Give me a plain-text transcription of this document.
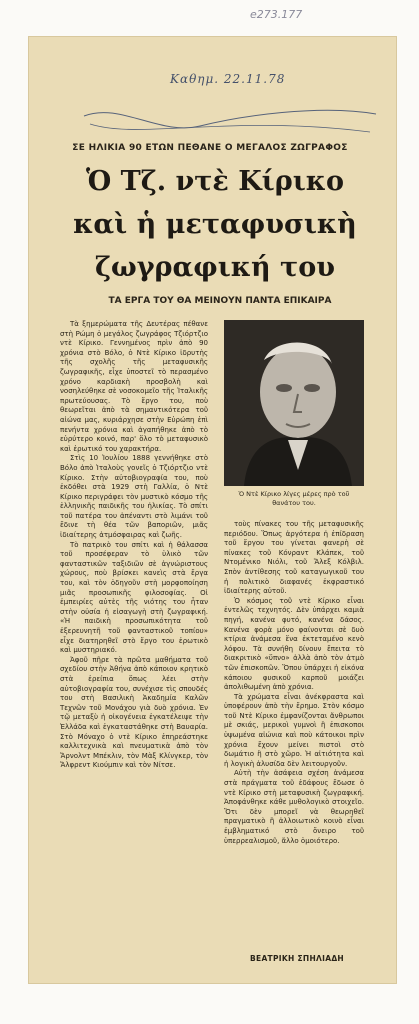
e273.177
Καθημ. 22.11.78
ΣΕ ΗΛΙΚΙΑ 90 ΕΤΩΝ ΠΕΘΑΝΕ Ο ΜΕΓΑΛΟΣ ΖΩΓΡΑΦΟΣ
Ὁ Τζ. ντὲ Κίρικο
καὶ ἡ μεταφυσικὴ
ζωγραφική του
ΤΑ ΕΡΓΑ ΤΟΥ ΘΑ ΜΕΙΝΟΥΝ ΠΑΝΤΑ ΕΠΙΚΑΙΡΑ

Τὰ ξημερώματα τῆς Δευτέρας πέθανε στὴ Ρώμη ὁ μεγάλος ζωγράφος Τζιόρτζιο ντὲ Κίρικο. Γεννημένος πρὶν ἀπὸ 90 χρόνια στὸ Βόλο, ὁ Ντὲ Κίρικο ἱδρυτὴς τῆς σχολῆς τῆς μεταφυσικῆς ζωγραφικῆς, εἶχε ὑποστεῖ τὸ περασμένο χρόνο καρδιακὴ προσβολὴ καὶ νοσηλεύθηκε σὲ νοσοκομεῖο τῆς Ἰταλικῆς πρωτεύουσας. Τὸ ἔργο του, ποὺ θεωρεῖται ἀπὸ τὰ σημαντικότερα τοῦ αἰώνα μας, κυριάρχησε στὴν Εὐρώπη ἐπὶ πενήντα χρόνια καὶ ἀγαπήθηκε ἀπὸ τὸ εὐρύτερο κοινό, παρ' ὅλο τὸ μεταφυσικὸ καὶ ἐρωτικό του χαρακτήρα.

Στὶς 10 Ἰουλίου 1888 γεννήθηκε στὸ Βόλο ἀπὸ Ἰταλοὺς γονεῖς ὁ Τζιόρτζιο ντὲ Κίρικο. Στὴν αὐτοβιογραφία του, ποὺ ἐκδόθει στὰ 1929 στὴ Γαλλία, ὁ Ντὲ Κίρικο περιγράφει τὸν μυστικὸ κόσμο τῆς ἑλληνικῆς παιδικῆς του ἡλικίας. Τὸ σπίτι τοῦ πατέρα του ἀπέναντι στὸ λιμάνι τοῦ ἔδινε τὴ θέα τῶν βαποριῶν, μιᾶς ἰδιαίτερης ἀτμόσφαιρας καὶ ζωῆς.

Τὸ πατρικὸ του σπίτι καὶ ἡ θάλασσα τοῦ προσέφεραν τὸ ὑλικὸ τῶν φανταστικῶν ταξιδιῶν σὲ ἀγνώριστους χώρους, ποὺ βρίσκει κανεὶς στὰ ἔργα του, καὶ τὸν ὁδηγοῦν στὴ μορφοποίηση μιᾶς προσωπικῆς φιλοσοφίας. Οἱ ἐμπειρίες αὐτὲς τῆς νιότης του ἦταν στὴν οὐσία ἡ εἰσαγωγὴ στὴ ζωγραφική. «Ἡ παιδικὴ προσωπικότητα τοῦ ἐξερευνητῆ τοῦ φανταστικοῦ τοπίου» εἶχε διατηρηθεῖ στὸ ἔργο του ἐρωτικὸ καὶ μυστηριακό.

Ἀφοῦ πῆρε τὰ πρῶτα μαθήματα τοῦ σχεδίου στὴν Ἀθήνα ἀπὸ κάποιον κρητικὸ στὰ ἐρείπια ὅπως λέει στὴν αὐτοβιογραφία του, συνέχισε τὶς σπουδές του στὴ Βασιλικὴ Ἀκαδημία Καλῶν Τεχνῶν τοῦ Μονάχου γιὰ δυὸ χρόνια. Ἐν τῷ μεταξὺ ἡ οἰκογένεια ἐγκατέλειψε τὴν Ἑλλάδα καὶ ἐγκαταστάθηκε στὴ Βαυαρία. Στὸ Μόναχο ὁ ντὲ Κίρικο ἐπηρεάστηκε καλλιτεχνικὰ καὶ πνευματικὰ ἀπὸ τὸν Ἄρνολντ Μπέκλιν, τὸν Μὰξ Κλίνγκερ, τὸν Ἄλφρεντ Κιούμπιν καὶ τὸν Νίτσε.

Ὁ Ντὲ Κίρικο λίγες μέρες πρὸ τοῦ θανάτου του.

τοὺς πίνακες του τῆς μεταφυσικῆς περιόδου. Ὅπως ἀργότερα ἡ ἐπίδραση τοῦ ἔργου του γίνεται φανερὴ σὲ πίνακες τοῦ Κόνραντ Κλάπεκ, τοῦ Ντομένικο Νιόλι, τοῦ Ἄλεξ Κόλβιλ. Σπὸν ἀντίθεσης τοῦ καταγωγικοῦ του ἡ πολιτικὸ διαφανές ἐκφραστικό ἰδιαίτερης αὐτοῦ.

Ὁ κόσμος τοῦ ντὲ Κίρικο εἶναι ἐντελῶς τεχνητός. Δὲν ὑπάρχει καμιὰ πηγή, κανένα φυτό, κανένα δάσος. Κανένα φορὰ μόνο φαίνονται σὲ δυὸ κτίρια ἀνάμεσα ἕνα ἐκτεταμένο κενὸ λόφου. Τὰ συνήθη δίνουν ἔπειτα τὸ διακριτικὸ «ὕπνο» ἀλλὰ ἀπὸ τὸν ἀτμὸ τῶν ἐπισκοπῶν. Ὅπου ὑπάρχει ἡ εἰκόνα κάποιου φυσικοῦ καρποῦ μοιάζει ἀπολιθωμένη ἀπὸ χρόνια.

Τὰ χρώματα εἶναι ἀνέκφραστα καὶ ὑποφέρουν ἀπὸ τὴν ἔρημο. Στὸν κόσμο τοῦ Ντὲ Κίρικο ἐμφανίζονται ἄνθρωποι μὲ σκιάς, μερικοὶ γυμνοὶ ἢ ἐπισκοποι ὑψωμένα αἰώνια καὶ ποὺ κάτοικοι πρὶν χρόνια ἔχουν μείνει πιστοὶ στὸ δωμάτιο ἢ στὸ χῶρο. Ἡ αἰτιότητα καὶ ἡ λογικὴ ἀλυσίδα δὲν λειτουργοῦν.

Αὐτὴ τὴν ἀσάφεια σχέση ἀνάμεσα στὰ πράγματα τοῦ ἐδάφους ἔδωσε ὁ ντὲ Κίρικο στὴ μεταφυσικὴ ζωγραφική. Ἀποφάνθηκε κάθε μυθολογικὸ στοιχεῖο. Ὅτι δὲν μπορεῖ νὰ θεωρηθεῖ πραγματικὸ ἢ ἀλλοιωτικὸ κοινὸ εἶναι ἐμβληματικό στὸ ὄνειρο τοῦ ὑπερρεαλισμοῦ, ἄλλο ὁμοιότερο.

ΒΕΑΤΡΙΚΗ ΣΠΗΛΙΑΔΗ
